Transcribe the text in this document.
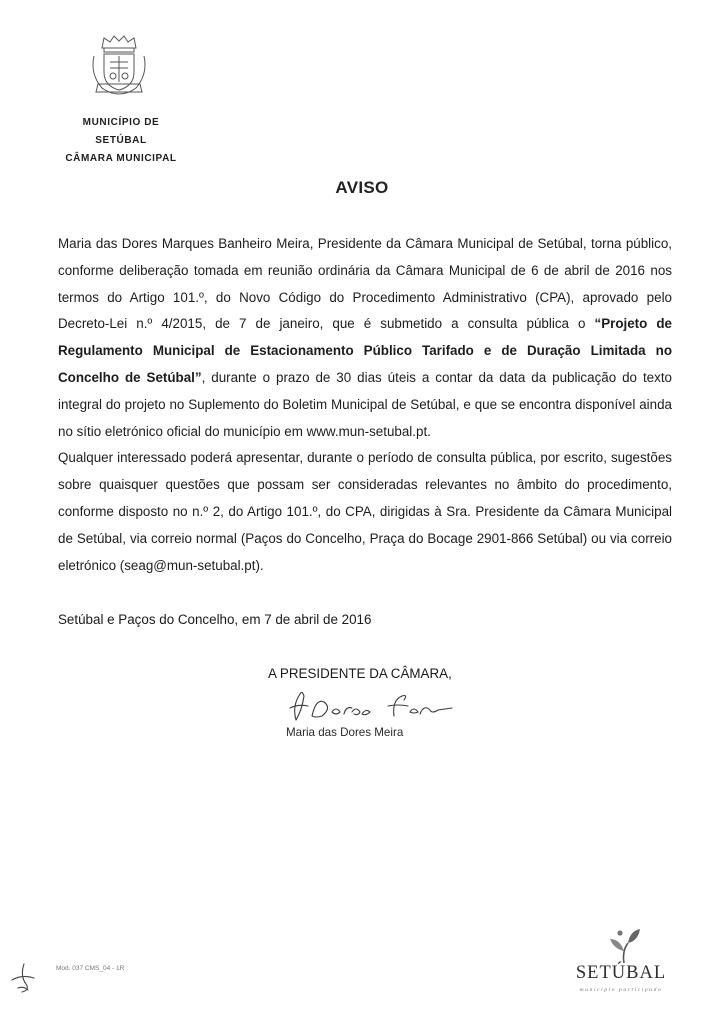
MUNICÍPIO DE SETÚBAL
CÂMARA MUNICIPAL
AVISO

Maria das Dores Marques Banheiro Meira, Presidente da Câmara Municipal de Setúbal, torna público, conforme deliberação tomada em reunião ordinária da Câmara Municipal de 6 de abril de 2016 nos termos do Artigo 101.º, do Novo Código do Procedimento Administrativo (CPA), aprovado pelo Decreto-Lei n.º 4/2015, de 7 de janeiro, que é submetido a consulta pública o “Projeto de Regulamento Municipal de Estacionamento Público Tarifado e de Duração Limitada no Concelho de Setúbal”, durante o prazo de 30 dias úteis a contar da data da publicação do texto integral do projeto no Suplemento do Boletim Municipal de Setúbal, e que se encontra disponível ainda no sítio eletrónico oficial do município em www.mun-setubal.pt.

Qualquer interessado poderá apresentar, durante o período de consulta pública, por escrito, sugestões sobre quaisquer questões que possam ser consideradas relevantes no âmbito do procedimento, conforme disposto no n.º 2, do Artigo 101.º, do CPA, dirigidas à Sra. Presidente da Câmara Municipal de Setúbal, via correio normal (Paços do Concelho, Praça do Bocage 2901-866 Setúbal) ou via correio eletrónico (seag@mun-setubal.pt).

Setúbal e Paços do Concelho, em 7 de abril de 2016
A PRESIDENTE DA CÂMARA,
Maria das Dores Meira
Mod. 037 CMS_04 - 1R	SETÚBAL
município participado
